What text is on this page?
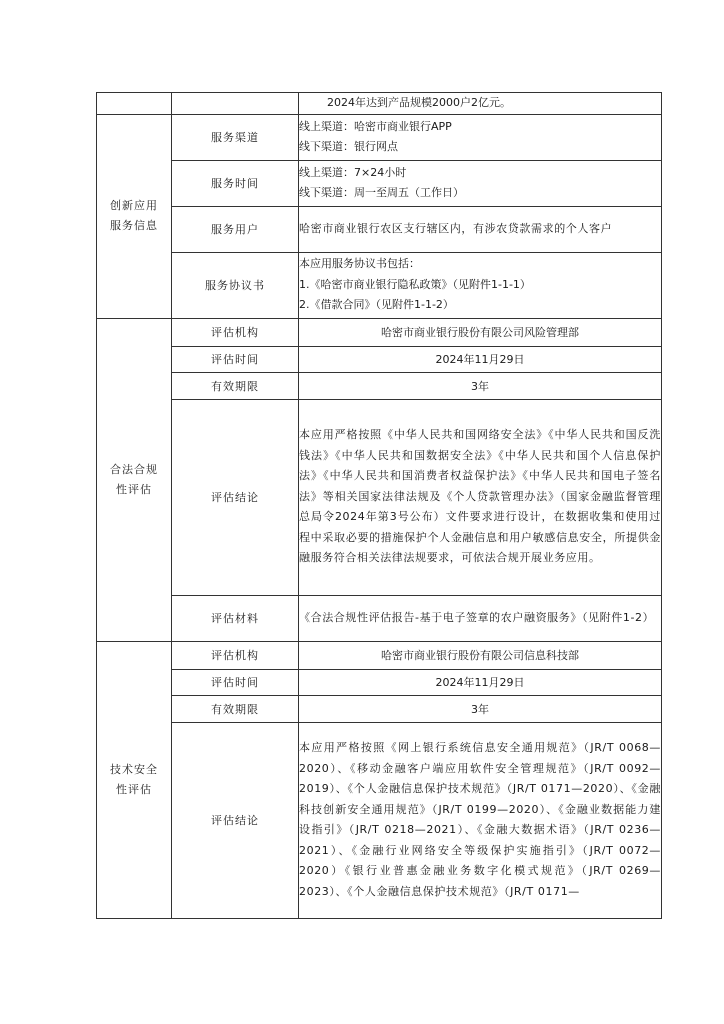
		2024年达到产品规模2000户2亿元。

创新应用服务信息	服务渠道	线上渠道：哈密市商业银行APP
线下渠道：银行网点

	服务时间	线上渠道：7×24小时
线下渠道：周一至周五（工作日）

	服务用户	哈密市商业银行农区支行辖区内，有涉农贷款需求的个人客户

	服务协议书	本应用服务协议书包括：
1.《哈密市商业银行隐私政策》（见附件1-1-1）
2.《借款合同》（见附件1-1-2）

合法合规性评估	评估机构	哈密市商业银行股份有限公司风险管理部

	评估时间	2024年11月29日

	有效期限	3年

	评估结论	本应用严格按照《中华人民共和国网络安全法》《中华人民共和国反洗钱法》《中华人民共和国数据安全法》《中华人民共和国个人信息保护法》《中华人民共和国消费者权益保护法》《中华人民共和国电子签名法》等相关国家法律法规及《个人贷款管理办法》（国家金融监督管理总局令2024年第3号公布）文件要求进行设计，在数据收集和使用过程中采取必要的措施保护个人金融信息和用户敏感信息安全，所提供金融服务符合相关法律法规要求，可依法合规开展业务应用。

	评估材料	《合法合规性评估报告-基于电子签章的农户融资服务》（见附件1-2）

技术安全性评估	评估机构	哈密市商业银行股份有限公司信息科技部

	评估时间	2024年11月29日

	有效期限	3年

	评估结论	本应用严格按照《网上银行系统信息安全通用规范》（JR/T 0068—2020）、《移动金融客户端应用软件安全管理规范》（JR/T 0092—2019）、《个人金融信息保护技术规范》（JR/T 0171—2020）、《金融科技创新安全通用规范》（JR/T 0199—2020）、《金融业数据能力建设指引》（JR/T 0218—2021）、《金融大数据术语》（JR/T 0236—2021）、《金融行业网络安全等级保护实施指引》（JR/T 0072—2020）《银行业普惠金融业务数字化模式规范》（JR/T 0269—2023）、《个人金融信息保护技术规范》（JR/T 0171—
